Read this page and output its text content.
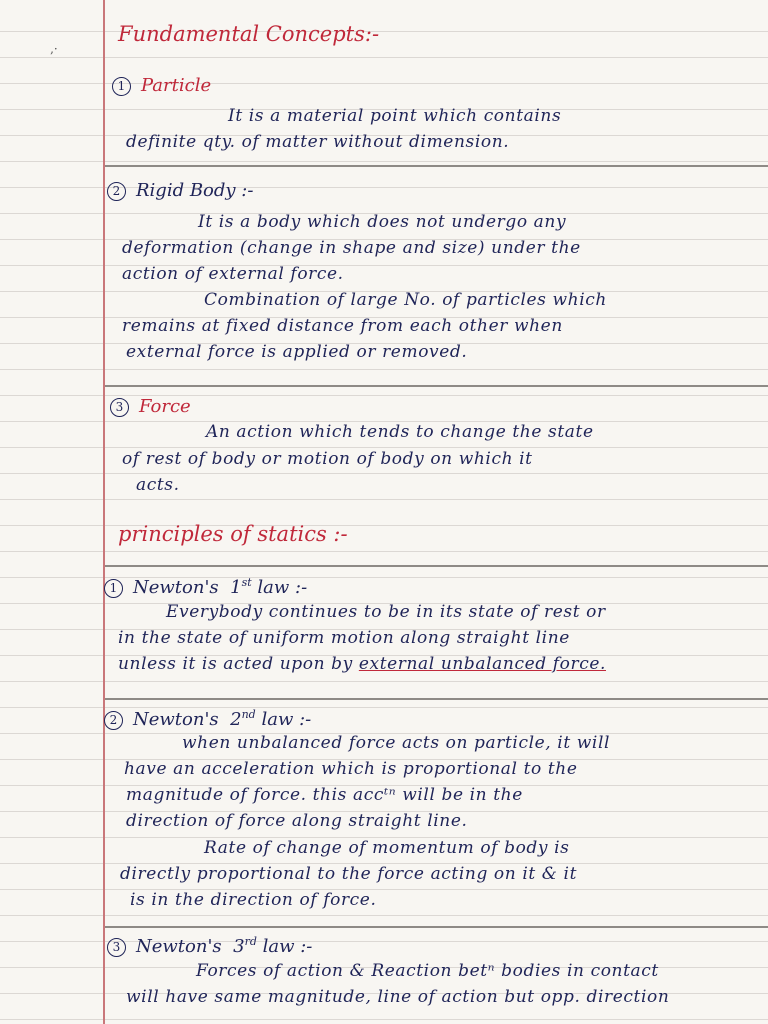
‚·
Fundamental Concepts:-
1 Particle
It is a material point which contains
definite qty. of matter without dimension.
2 Rigid Body :-
It is a body which does not undergo any
deformation (change in shape and size) under the
action of external force.
Combination of large No. of particles which
remains at fixed distance from each other when
external force is applied or removed.
3 Force
An action which tends to change the state
of rest of body or motion of body on which it
acts.
principles of statics :-
1 Newton's 1st law :-
Everybody continues to be in its state of rest or
in the state of uniform motion along straight line
unless it is acted upon by external unbalanced force.
2 Newton's 2nd law :-
when unbalanced force acts on particle, it will
have an acceleration which is proportional to the
magnitude of force. this accᵗⁿ will be in the
direction of force along straight line.
Rate of change of momentum of body is
directly proportional to the force acting on it & it
is in the direction of force.
3 Newton's 3rd law :-
Forces of action & Reaction betⁿ bodies in contact
will have same magnitude, line of action but opp. direction
